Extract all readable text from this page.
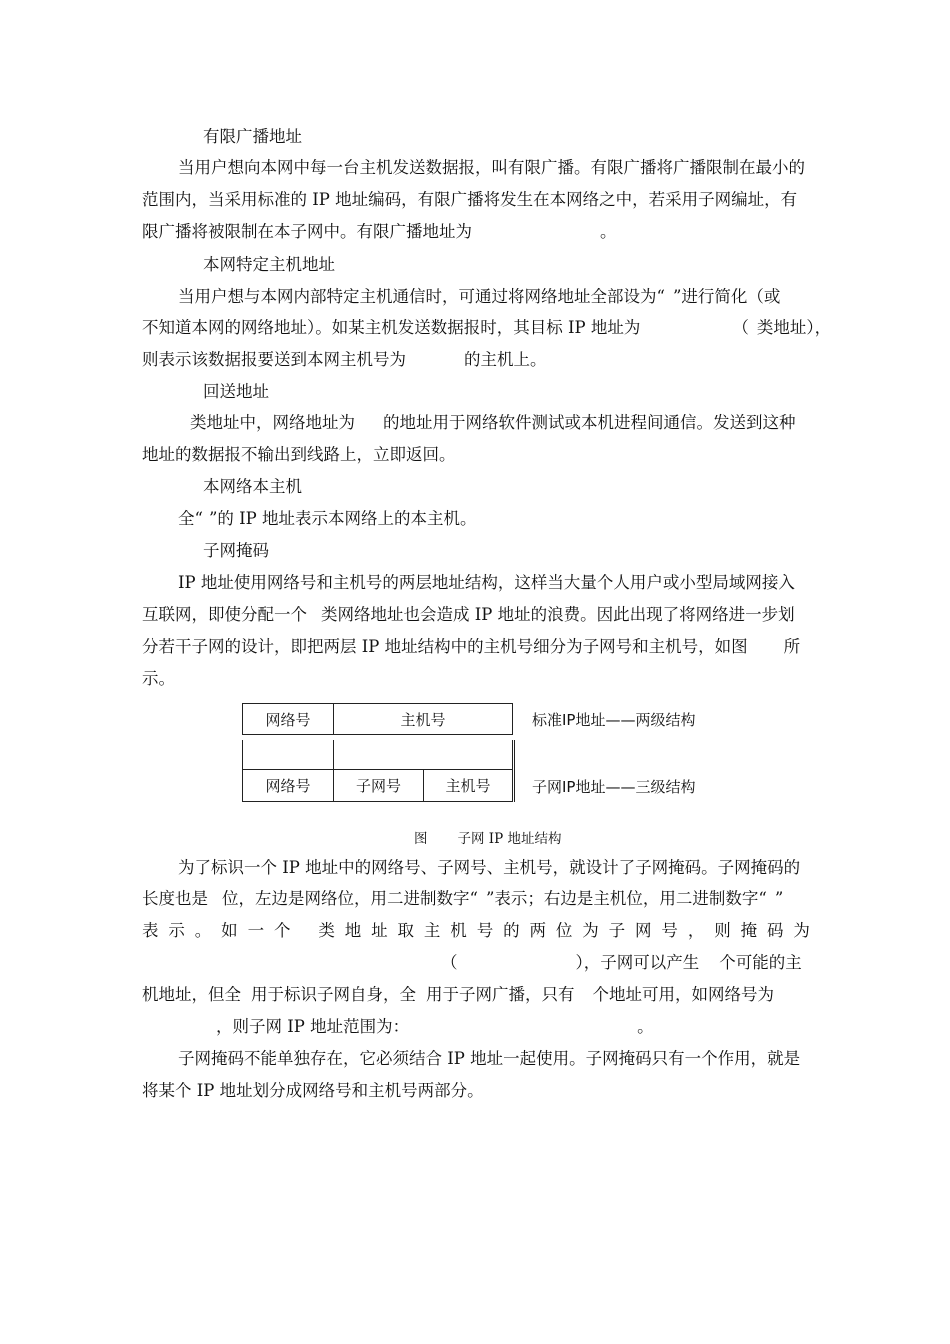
有限广播地址
当用户想向本网中每一台主机发送数据报，叫有限广播。有限广播将广播限制在最小的
范围内，当采用标准的 IP 地址编码，有限广播将发生在本网络之中，若采用子网编址，有
限广播将被限制在本子网中。有限广播地址为	。
本网特定主机地址
当用户想与本网内部特定主机通信时，可通过将网络地址全部设为“ ”进行简化（或
不知道本网的网络地址）。如某主机发送数据报时，其目标 IP 地址为	（ 类地址），
则表示该数据报要送到本网主机号为	的主机上。
回送地址
类地址中，网络地址为 的地址用于网络软件测试或本机进程间通信。发送到这种
地址的数据报不输出到线路上，立即返回。
本网络本主机
全“ ”的 IP 地址表示本网络上的本主机。
子网掩码
IP 地址使用网络号和主机号的两层地址结构，这样当大量个人用户或小型局域网接入
互联网，即使分配一个 类网络地址也会造成 IP 地址的浪费。因此出现了将网络进一步划
分若干子网的设计，即把两层 IP 地址结构中的主机号细分为子网号和主机号，如图 所
示。
网络号	主机号	标准IP地址——两级结构
网络号	子网号	主机号	子网IP地址——三级结构
图 子网 IP 地址结构
为了标识一个 IP 地址中的网络号、子网号、主机号，就设计了子网掩码。子网掩码的
长度也是 位，左边是网络位，用二进制数字“ ”表示；右边是主机位，用二进制数字“ ”
表 示 。 如 一 个 类 地 址 取 主 机 号 的 两 位 为 子 网 号 ， 则 掩 码 为
（	），子网可以产生 个可能的主
机地址，但全 用于标识子网自身，全 用于子网广播，只有 个地址可用，如网络号为
，则子网 IP 地址范围为：	。
子网掩码不能单独存在，它必须结合 IP 地址一起使用。子网掩码只有一个作用，就是
将某个 IP 地址划分成网络号和主机号两部分。
